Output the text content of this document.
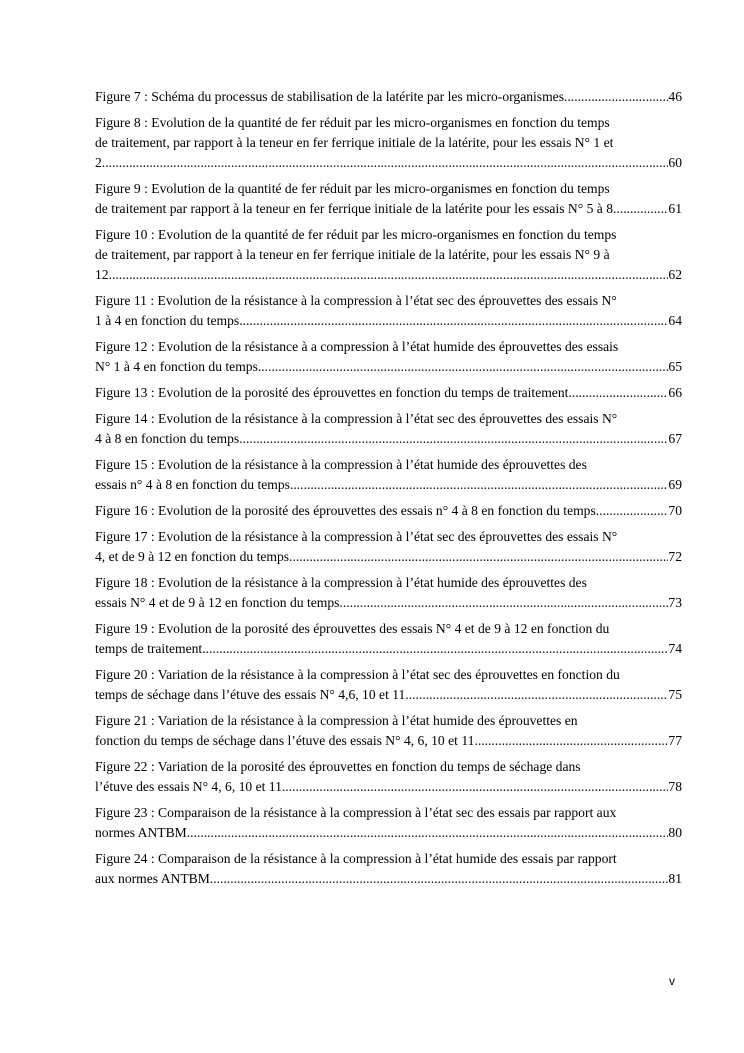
Figure 7 : Schéma du processus de stabilisation de la latérite par les micro-organismes .....	46
Figure 8 : Evolution de la quantité de fer réduit par les micro-organismes en fonction du temps
de traitement, par rapport à la teneur en fer ferrique initiale de la latérite, pour les essais N° 1 et
2. .....	60
Figure 9 : Evolution de la quantité de fer réduit par les micro-organismes en fonction du temps
de traitement par rapport à la teneur en fer ferrique initiale de la latérite pour les essais N° 5 à 8 .....	61
Figure 10 : Evolution de la quantité de fer réduit par les micro-organismes en fonction du temps
de traitement, par rapport à la teneur en fer ferrique initiale de la latérite, pour les essais N° 9 à
12 .....	62
Figure 11 : Evolution de la résistance à la compression à l’état sec des éprouvettes des essais N°
1 à 4 en fonction du temps .....	64
Figure 12 : Evolution de la résistance à a compression à l’état humide des éprouvettes des essais
N° 1 à 4 en fonction du temps .....	65
Figure 13 : Evolution de la porosité des éprouvettes en fonction du temps de traitement .....	66
Figure 14 : Evolution de la résistance à la compression à l’état sec des éprouvettes des essais N°
4 à 8 en fonction du temps .....	67
Figure 15 : Evolution de la résistance à la compression à l’état humide des éprouvettes des
essais n° 4 à 8 en fonction du temps .....	69
Figure 16 : Evolution de la porosité des éprouvettes des essais n° 4 à 8 en fonction du temps .....	70
Figure 17 : Evolution de la résistance à la compression à l’état sec des éprouvettes des essais N°
4, et de 9 à 12 en fonction du temps .....	72
Figure 18 : Evolution de la résistance à la compression à l’état humide des éprouvettes des
essais N° 4 et de 9 à 12 en fonction du temps .....	73
Figure 19 : Evolution de la porosité des éprouvettes des essais N° 4 et de 9 à 12 en fonction du
temps de traitement .....	74
Figure 20 : Variation de la résistance à la compression à l’état sec des éprouvettes en fonction du
temps de séchage dans l’étuve des essais N° 4,6, 10 et 11 .....	75
Figure 21 : Variation de la résistance à la compression à l’état humide des éprouvettes en
fonction du temps de séchage dans l’étuve des essais N° 4, 6, 10 et 11 .....	77
Figure 22 : Variation de la porosité des éprouvettes en fonction du temps de séchage dans
l’étuve des essais N° 4, 6, 10 et 11 .....	78
Figure 23 : Comparaison de la résistance à la compression à l’état sec des essais par rapport aux
normes ANTBM .....	80
Figure 24 : Comparaison de la résistance à la compression à l’état humide des essais par rapport
aux normes ANTBM .....	81
v
